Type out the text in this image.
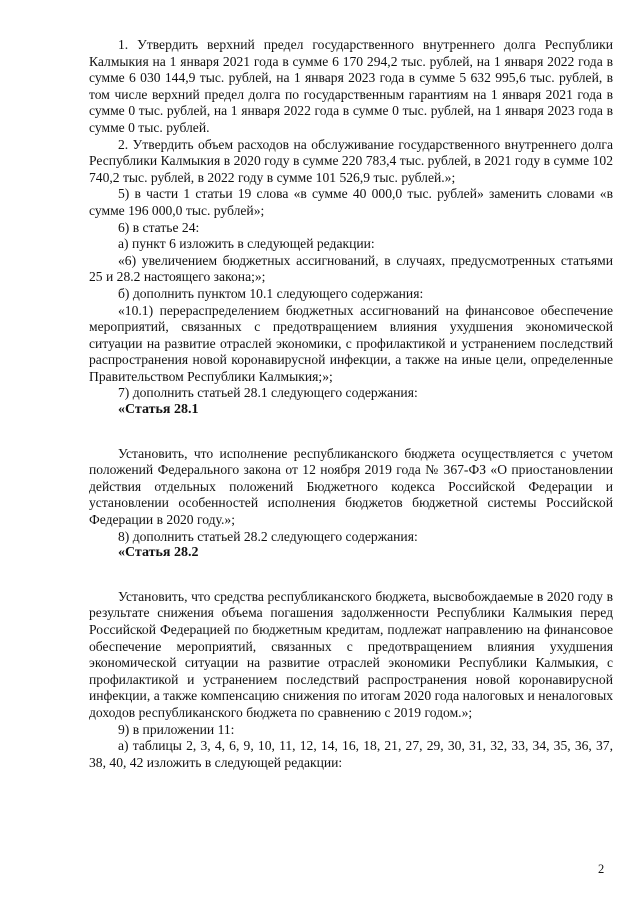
1. Утвердить верхний предел государственного внутреннего долга Республики Калмыкия на 1 января 2021 года в сумме 6 170 294,2 тыс. рублей, на 1 января 2022 года в сумме 6 030 144,9 тыс. рублей, на 1 января 2023 года в сумме 5 632 995,6 тыс. рублей, в том числе верхний предел долга по государственным гарантиям на 1 января 2021 года в сумме 0 тыс. рублей, на 1 января 2022 года в сумме 0 тыс. рублей, на 1 января 2023 года в сумме 0 тыс. рублей.

2. Утвердить объем расходов на обслуживание государственного внутреннего долга Республики Калмыкия в 2020 году в сумме 220 783,4 тыс. рублей, в 2021 году в сумме 102 740,2 тыс. рублей, в 2022 году в сумме 101 526,9 тыс. рублей.»;

5) в части 1 статьи 19 слова «в сумме 40 000,0 тыс. рублей» заменить словами «в сумме 196 000,0 тыс. рублей»;

6) в статье 24:

а) пункт 6 изложить в следующей редакции:

«6) увеличением бюджетных ассигнований, в случаях, предусмотренных статьями 25 и 28.2 настоящего закона;»;

б) дополнить пунктом 10.1 следующего содержания:

«10.1) перераспределением бюджетных ассигнований на финансовое обеспечение мероприятий, связанных с предотвращением влияния ухудшения экономической ситуации на развитие отраслей экономики, с профилактикой и устранением последствий распространения новой коронавирусной инфекции, а также на иные цели, определенные Правительством Республики Калмыкия;»;

7) дополнить статьей 28.1 следующего содержания:

«Статья 28.1

Установить, что исполнение республиканского бюджета осуществляется с учетом положений Федерального закона от 12 ноября 2019 года № 367-ФЗ «О приостановлении действия отдельных положений Бюджетного кодекса Российской Федерации и установлении особенностей исполнения бюджетов бюджетной системы Российской Федерации в 2020 году.»;

8) дополнить статьей 28.2 следующего содержания:

«Статья 28.2

Установить, что средства республиканского бюджета, высвобождаемые в 2020 году в результате снижения объема погашения задолженности Республики Калмыкия перед Российской Федерацией по бюджетным кредитам, подлежат направлению на финансовое обеспечение мероприятий, связанных с предотвращением влияния ухудшения экономической ситуации на развитие отраслей экономики Республики Калмыкия, с профилактикой и устранением последствий распространения новой коронавирусной инфекции, а также компенсацию снижения по итогам 2020 года налоговых и неналоговых доходов республиканского бюджета по сравнению с 2019 годом.»;

9) в приложении 11:

а) таблицы 2, 3, 4, 6, 9, 10, 11, 12, 14, 16, 18, 21, 27, 29, 30, 31, 32, 33, 34, 35, 36, 37, 38, 40, 42 изложить в следующей редакции:

2
